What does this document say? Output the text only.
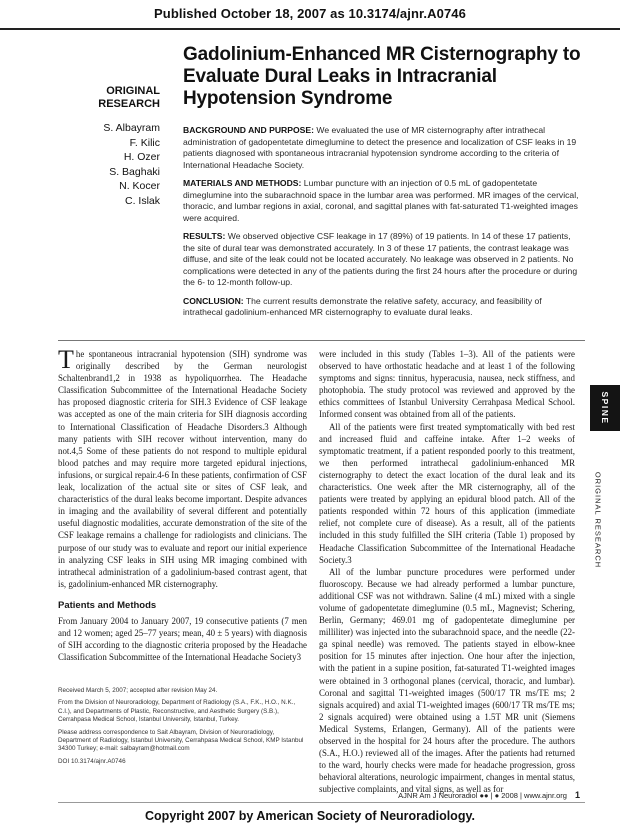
Published October 18, 2007 as 10.3174/ajnr.A0746
ORIGINAL
RESEARCH
Gadolinium-Enhanced MR Cisternography to Evaluate Dural Leaks in Intracranial Hypotension Syndrome
S. Albayram
F. Kilic
H. Ozer
S. Baghaki
N. Kocer
C. Islak

BACKGROUND AND PURPOSE: We evaluated the use of MR cisternography after intrathecal administration of gadopentetate dimeglumine to detect the presence and localization of CSF leaks in 19 patients diagnosed with spontaneous intracranial hypotension syndrome according to the criteria of International Headache Society.

MATERIALS AND METHODS: Lumbar puncture with an injection of 0.5 mL of gadopentetate dimeglumine into the subarachnoid space in the lumbar area was performed. MR images of the cervical, thoracic, and lumbar regions in axial, coronal, and sagittal planes with fat-saturated T1-weighted images were acquired.

RESULTS: We observed objective CSF leakage in 17 (89%) of 19 patients. In 14 of these 17 patients, the site of dural tear was demonstrated accurately. In 3 of these 17 patients, the contrast leakage was diffuse, and site of the leak could not be located accurately. No leakage was observed in 2 patients. No complications were detected in any of the patients during the first 24 hours after the procedure or during the 6- to 12-month follow-up.

CONCLUSION: The current results demonstrate the relative safety, accuracy, and feasibility of intrathecal gadolinium-enhanced MR cisternography to evaluate dural leaks.

The spontaneous intracranial hypotension (SIH) syndrome was originally described by the German neurologist Schaltenbrand1,2 in 1938 as hypoliquorrhea. The Headache Classification Subcommittee of the International Headache Society has proposed diagnostic criteria for SIH.3 Evidence of CSF leakage was accepted as one of the main criteria for SIH diagnosis according to International Classification of Headache Disorders.3 Although many patients with SIH recover without intervention, many do not.4,5 Some of these patients do not respond to multiple epidural blood patches and may require more targeted epidural injections, infusions, or surgical repair.4-6 In these patients, confirmation of CSF leak, localization of the actual site or sites of CSF leak, and characteristics of the dural leaks become important. Despite advances in imaging and the availability of several different and potentially useful diagnostic modalities, accurate demonstration of the site of the CSF leakage remains a challenge for radiologists and clinicians. The purpose of our study was to evaluate and report our initial experience in analyzing CSF leaks in SIH using MR imaging combined with intrathecal administration of a gadolinium-based contrast agent, that is, gadolinium-enhanced MR cisternography.

Patients and Methods

From January 2004 to January 2007, 19 consecutive patients (7 men and 12 women; aged 25–77 years; mean, 40 ± 5 years) with diagnosis of SIH according to the diagnostic criteria proposed by the Headache Classification Subcommittee of the International Headache Society3

were included in this study (Tables 1–3). All of the patients were observed to have orthostatic headache and at least 1 of the following symptoms and signs: tinnitus, hyperacusia, nausea, neck stiffness, and photophobia. The study protocol was reviewed and approved by the ethics committees of Istanbul University Cerrahpasa Medical School. Informed consent was obtained from all of the patients.

All of the patients were first treated symptomatically with bed rest and increased fluid and caffeine intake. After 1–2 weeks of symptomatic treatment, if a patient responded poorly to this treatment, we then performed intrathecal gadolinium-enhanced MR cisternography to detect the exact location of the dural leak and its characteristics. One week after the MR cisternography, all of the patients were treated by applying an epidural blood patch. All of the patients responded within 72 hours of this application (immediate relief, not complete cure of disease). As a result, all of the patients included in this study fulfilled the SIH criteria (Table 1) proposed by Headache Classification Subcommittee of the International Headache Society.3

All of the lumbar puncture procedures were performed under fluoroscopy. Because we had already performed a lumbar puncture, additional CSF was not withdrawn. Saline (4 mL) mixed with a single volume of gadopentetate dimeglumine (0.5 mL, Magnevist; Schering, Berlin, Germany; 469.01 mg of gadopentetate dimeglumine per milliliter) was injected into the subarachnoid space, and the needle (22-ga spinal needle) was removed. The patients stayed in elbow-knee position for 15 minutes after injection. One hour after the injection, with the patient in a supine position, fat-saturated T1-weighted images were obtained in 3 orthogonal planes (cervical, thoracic, and lumbar). Coronal and sagittal T1-weighted images (500/17 TR ms/TE ms; 2 signals acquired) and axial T1-weighted images (600/17 TR ms/TE ms; 2 signals acquired) were obtained using a 1.5T MR unit (Siemens Medical Systems, Erlangen, Germany). All of the patients were observed in the hospital for 24 hours after the procedure. The authors (S.A., H.O.) reviewed all of the images. After the patients had returned to the ward, hourly checks were made for headache progression, gross behavioral alterations, neurologic impairment, changes in mental status, subjective complaints, and vital signs, as well as for

Received March 5, 2007; accepted after revision May 24.
From the Division of Neuroradiology, Department of Radiology (S.A., F.K., H.O., N.K., C.I.), and Departments of Plastic, Reconstructive, and Aesthetic Surgery (S.B.), Cerrahpasa Medical School, Istanbul University, Istanbul, Turkey.
Please address correspondence to Sait Albayram, Division of Neuroradiology, Department of Radiology, Istanbul University, Cerrahpasa Medical School, KMP Istanbul 34300 Turkey; e-mail: salbayram@hotmail.com
DOI 10.3174/ajnr.A0746
SPINE
ORIGINAL RESEARCH
AJNR Am J Neuroradiol ●● | ● 2008 | www.ajnr.org 1
Copyright 2007 by American Society of Neuroradiology.
